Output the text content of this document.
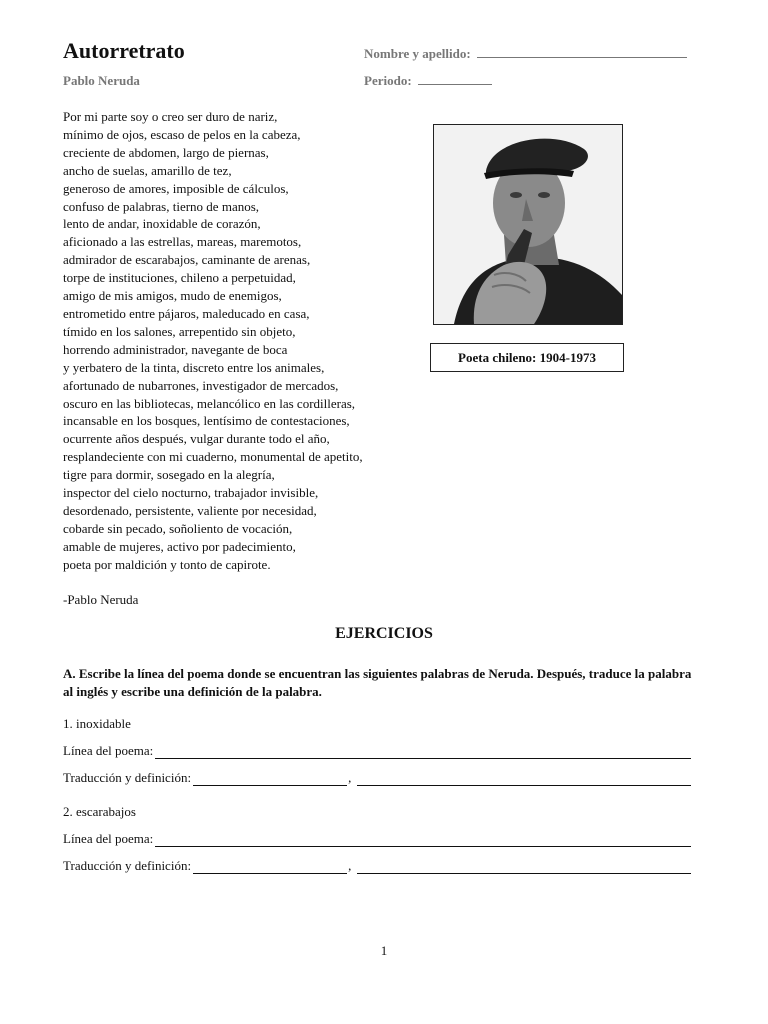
Autorretrato
Pablo Neruda
Nombre y apellido:
Periodo:
Por mi parte soy o creo ser duro de nariz,
mínimo de ojos, escaso de pelos en la cabeza,
creciente de abdomen, largo de piernas,
ancho de suelas, amarillo de tez,
generoso de amores, imposible de cálculos,
confuso de palabras, tierno de manos,
lento de andar, inoxidable de corazón,
aficionado a las estrellas, mareas, maremotos,
admirador de escarabajos, caminante de arenas,
torpe de instituciones, chileno a perpetuidad,
amigo de mis amigos, mudo de enemigos,
entrometido entre pájaros, maleducado en casa,
tímido en los salones, arrepentido sin objeto,
horrendo administrador, navegante de boca
y yerbatero de la tinta, discreto entre los animales,
afortunado de nubarrones, investigador de mercados,
oscuro en las bibliotecas, melancólico en las cordilleras,
incansable en los bosques, lentísimo de contestaciones,
ocurrente años después, vulgar durante todo el año,
resplandeciente con mi cuaderno, monumental de apetito,
tigre para dormir, sosegado en la alegría,
inspector del cielo nocturno, trabajador invisible,
desordenado, persistente, valiente por necesidad,
cobarde sin pecado, soñoliento de vocación,
amable de mujeres, activo por padecimiento,
poeta por maldición y tonto de capirote.
-Pablo Neruda
Poeta chileno: 1904-1973
EJERCICIOS
A. Escribe la línea del poema donde se encuentran las siguientes palabras de Neruda. Después, traduce la palabra al inglés y escribe una definición de la palabra.
1. inoxidable
Línea del poema:
Traducción y definición:	,
2. escarabajos
Línea del poema:
Traducción y definición:	,
1
